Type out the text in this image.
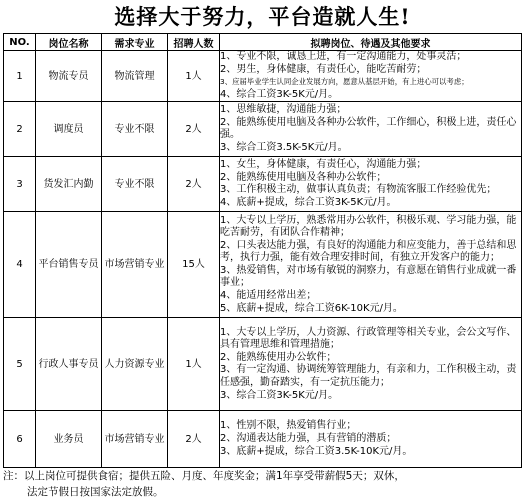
选择大于努力，平台造就人生!
NO.	岗位名称	需求专业	招聘人数	拟聘岗位、待遇及其他要求
1	物流专员	物流管理	1人	1、专业不限，诚恳上进，有一定沟通能力，处事灵活；
2、男生，身体健康，有责任心，能吃苦耐劳；
3、应届毕业学生认同企业发展方向，愿意从基层开始，有上进心可以考虑；
4、综合工资3K-5K元/月。

2	调度员	专业不限	2人	1、思维敏捷，沟通能力强；
2、能熟练使用电脑及各种办公软件，工作细心，积极上进，责任心强。
3、综合工资3.5K-5K元/月。

3	货发汇内勤	专业不限	2人	1、女生，身体健康，有责任心，沟通能力强；
2、能熟练使用电脑及各种办公软件；
3、工作积极主动，做事认真负责；有物流客服工作经验优先；
4、底薪+提成，综合工资3K-5K元/月。

4	平台销售专员	市场营销专业	15人	1、大专以上学历，熟悉常用办公软件，积极乐观、学习能力强，能吃苦耐劳，有团队合作精神；
2、口头表达能力强，有良好的沟通能力和应变能力，善于总结和思考，执行力强，能有效合理安排时间，有独立开发客户的能力；
3、热爱销售，对市场有敏锐的洞察力，有意愿在销售行业成就一番事业；
4、能适用经常出差；
5、底薪+提成，综合工资6K-10K元/月。

5	行政人事专员	人力资源专业	1人	1、大专以上学历，人力资源、行政管理等相关专业，会公文写作、具有管理思维和管理措施；
2、能熟练使用办公软件；
3、有一定沟通、协调统筹管理能力，有亲和力，工作积极主动，责任感强，勤奋踏实，有一定抗压能力；
3、综合工资3K-5K元/月。

6	业务员	市场营销专业	2人	1、性别不限，热爱销售行业；
2、沟通表达能力强，具有营销的潜质；
3、底薪+提成，综合工资3.5K-10K元/月。
注：以上岗位可提供食宿；提供五险、月度、年度奖金；满1年享受带薪假5天；双休，
法定节假日按国家法定放假。
